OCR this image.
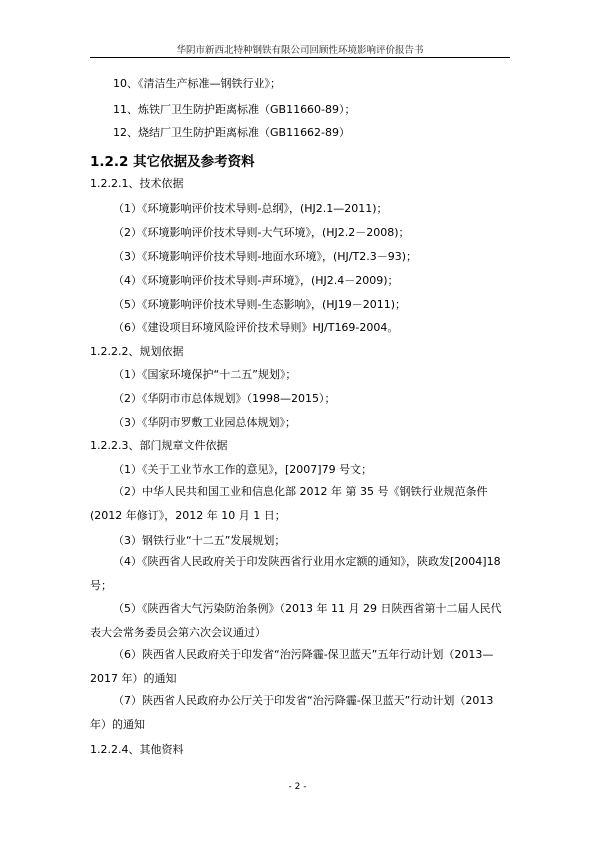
华阴市新西北特种钢铁有限公司回顾性环境影响评价报告书
10、《清洁生产标准—钢铁行业》；
11、炼铁厂卫生防护距离标准（GB11660-89）；
12、烧结厂卫生防护距离标准（GB11662-89）
1.2.2 其它依据及参考资料
1.2.2.1、技术依据
（1）《环境影响评价技术导则-总纲》，(HJ2.1—2011)；
（2）《环境影响评价技术导则-大气环境》，(HJ2.2－2008)；
（3）《环境影响评价技术导则-地面水环境》，(HJ/T2.3－93)；
（4）《环境影响评价技术导则-声环境》，(HJ2.4－2009)；
（5）《环境影响评价技术导则-生态影响》，(HJ19－2011)；
（6）《建设项目环境风险评价技术导则》HJ/T169-2004。
1.2.2.2、规划依据
（1）《国家环境保护“十二五”规划》；
（2）《华阴市市总体规划》（1998—2015）；
（3）《华阴市罗敷工业园总体规划》；
1.2.2.3、部门规章文件依据
（1）《关于工业节水工作的意见》，[2007]79 号文；
（2）中华人民共和国工业和信息化部 2012 年 第 35 号《钢铁行业规范条件(2012 年修订》，2012 年 10 月 1 日；
（3）钢铁行业“十二五”发展规划；
（4）《陕西省人民政府关于印发陕西省行业用水定额的通知》，陕政发[2004]18 号；
（5）《陕西省大气污染防治条例》（2013 年 11 月 29 日陕西省第十二届人民代表大会常务委员会第六次会议通过）
（6）陕西省人民政府关于印发省“治污降霾-保卫蓝天”五年行动计划（2013—2017 年）的通知
（7）陕西省人民政府办公厅关于印发省“治污降霾-保卫蓝天”行动计划（2013 年）的通知
1.2.2.4、其他资料
- 2 -
